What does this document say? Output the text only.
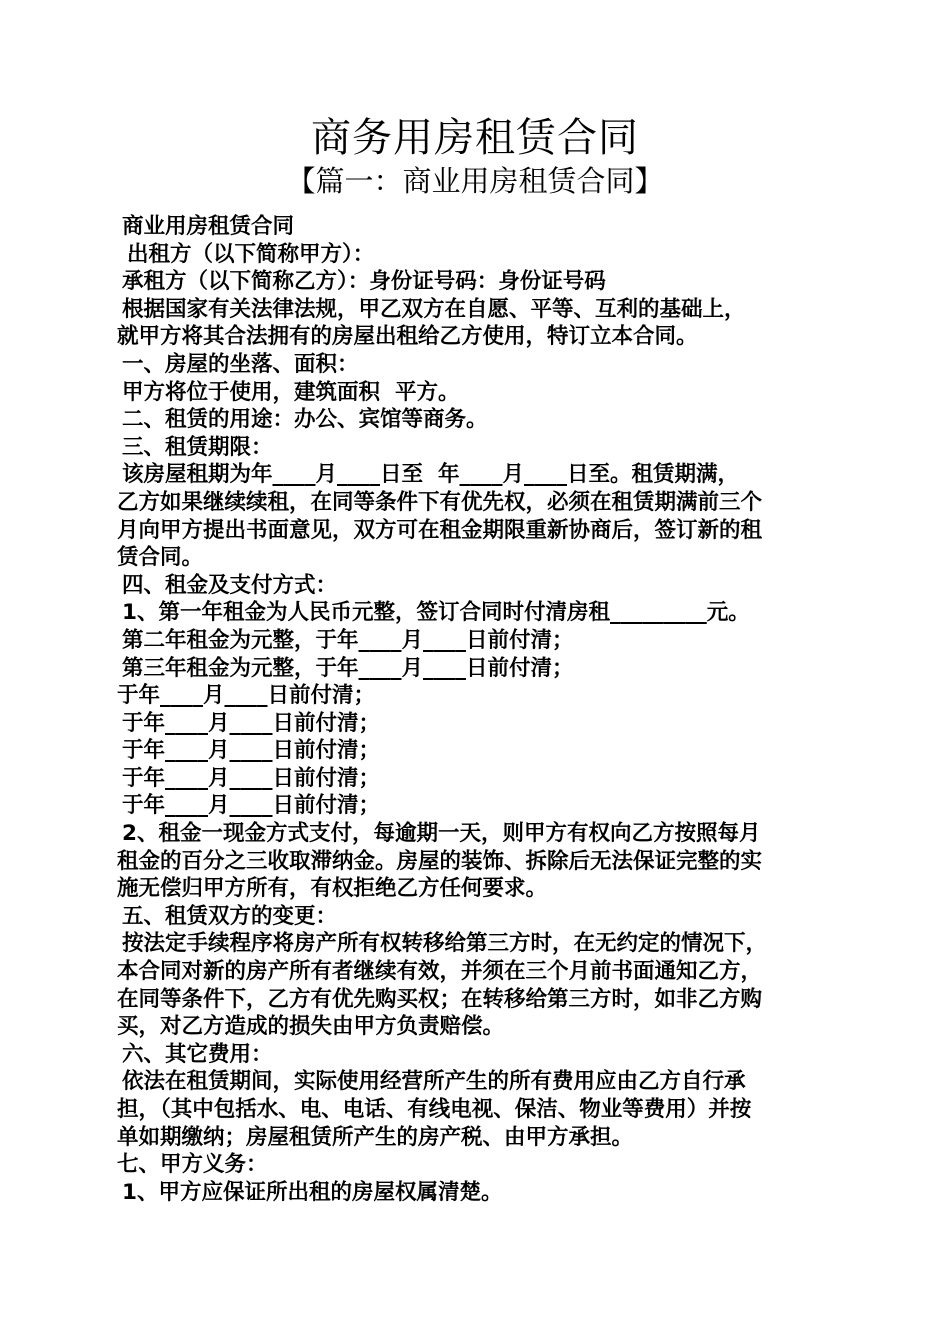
商务用房租赁合同
【篇一：商业用房租赁合同】
商业用房租赁合同
出租方（以下简称甲方）：
承租方（以下简称乙方）：身份证号码：身份证号码
根据国家有关法律法规，甲乙双方在自愿、平等、互利的基础上，
就甲方将其合法拥有的房屋出租给乙方使用，特订立本合同。
一、房屋的坐落、面积：
甲方将位于使用，建筑面积  平方。
二、租赁的用途：办公、宾馆等商务。
三、租赁期限：
该房屋租期为年____月____日至  年____月____日至。租赁期满，
乙方如果继续续租，在同等条件下有优先权，必须在租赁期满前三个
月向甲方提出书面意见，双方可在租金期限重新协商后，签订新的租
赁合同。
四、租金及支付方式：
1、第一年租金为人民币元整，签订合同时付清房租_________元。
第二年租金为元整，于年____月____日前付清；
第三年租金为元整，于年____月____日前付清；
于年____月____日前付清；
于年____月____日前付清；
于年____月____日前付清；
于年____月____日前付清；
于年____月____日前付清；
2、租金一现金方式支付，每逾期一天，则甲方有权向乙方按照每月
租金的百分之三收取滞纳金。房屋的装饰、拆除后无法保证完整的实
施无偿归甲方所有，有权拒绝乙方任何要求。
五、租赁双方的变更：
按法定手续程序将房产所有权转移给第三方时，在无约定的情况下，
本合同对新的房产所有者继续有效，并须在三个月前书面通知乙方，
在同等条件下，乙方有优先购买权；在转移给第三方时，如非乙方购
买，对乙方造成的损失由甲方负责赔偿。
六、其它费用：
依法在租赁期间，实际使用经营所产生的所有费用应由乙方自行承
担，（其中包括水、电、电话、有线电视、保洁、物业等费用）并按
单如期缴纳；房屋租赁所产生的房产税、由甲方承担。
七、甲方义务：
1、甲方应保证所出租的房屋权属清楚。
